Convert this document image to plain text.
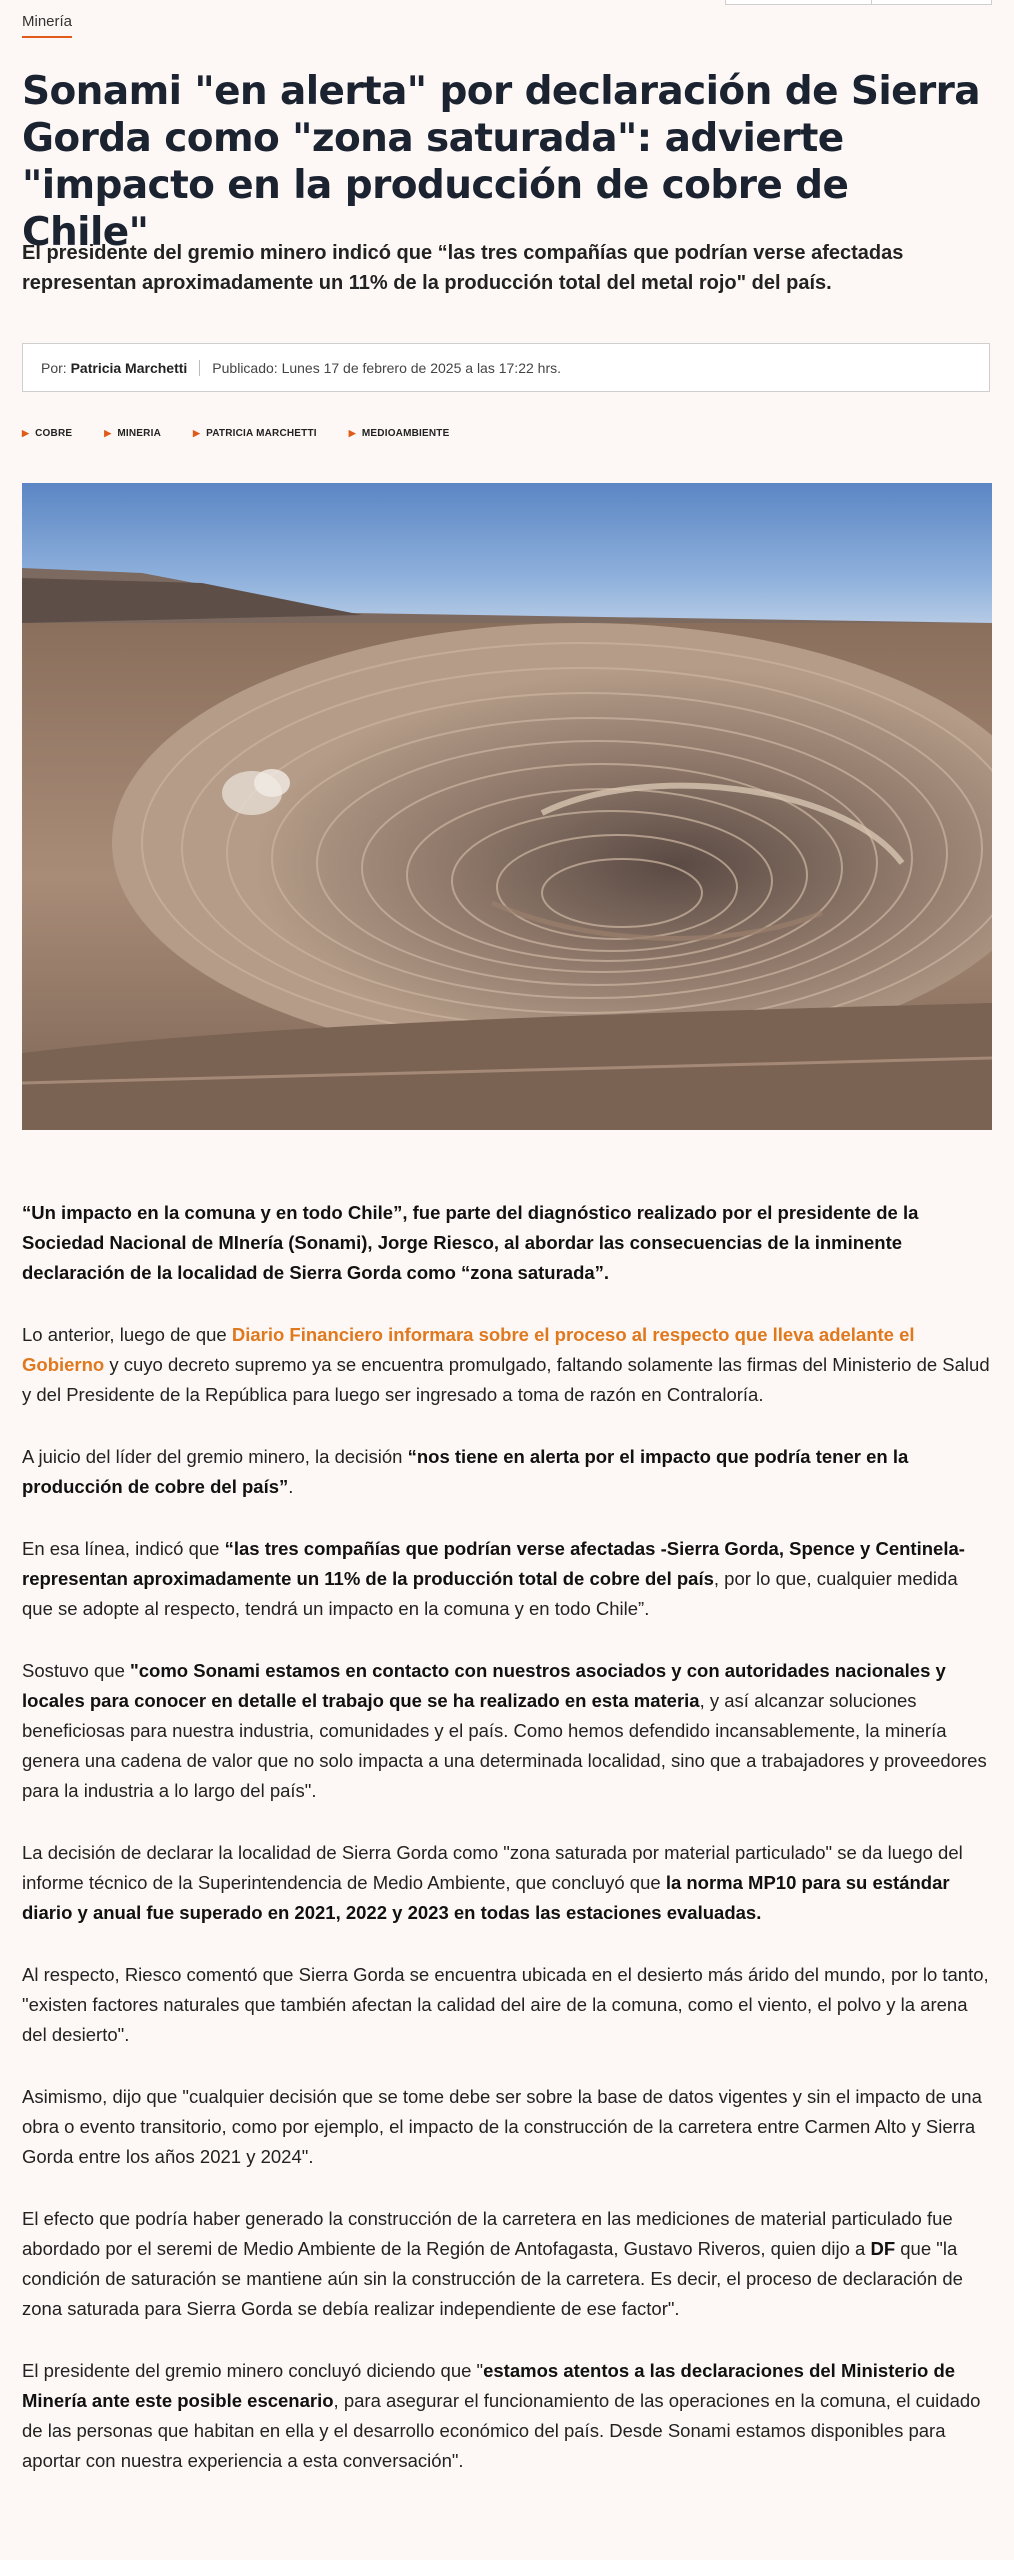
Minería
Sonami "en alerta" por declaración de Sierra Gorda como "zona saturada": advierte "impacto en la producción de cobre de Chile"

El presidente del gremio minero indicó que “las tres compañías que podrían verse afectadas representan aproximadamente un 11% de la producción total del metal rojo" del país.

Por:
Patricia Marchetti Publicado: Lunes 17 de febrero de 2025 a las 17:22 hrs.
▶ COBRE	▶ MINERIA	▶ PATRICIA MARCHETTI	▶ MEDIOAMBIENTE

“Un impacto en la comuna y en todo Chile”, fue parte del diagnóstico realizado por el presidente de la Sociedad Nacional de MInería (Sonami), Jorge Riesco, al abordar las consecuencias de la inminente declaración de la localidad de Sierra Gorda como “zona saturada”.

Lo anterior, luego de que Diario Financiero informara sobre el proceso al respecto que lleva adelante el Gobierno y cuyo decreto supremo ya se encuentra promulgado, faltando solamente las firmas del Ministerio de Salud y del Presidente de la República para luego ser ingresado a toma de razón en Contraloría.

A juicio del líder del gremio minero, la decisión “nos tiene en alerta por el impacto que podría tener en la producción de cobre del país”.

En esa línea, indicó que “las tres compañías que podrían verse afectadas -Sierra Gorda, Spence y Centinela- representan aproximadamente un 11% de la producción total de cobre del país, por lo que, cualquier medida que se adopte al respecto, tendrá un impacto en la comuna y en todo Chile”.

Sostuvo que "como Sonami estamos en contacto con nuestros asociados y con autoridades nacionales y locales para conocer en detalle el trabajo que se ha realizado en esta materia, y así alcanzar soluciones beneficiosas para nuestra industria, comunidades y el país. Como hemos defendido incansablemente, la minería genera una cadena de valor que no solo impacta a una determinada localidad, sino que a trabajadores y proveedores para la industria a lo largo del país".

La decisión de declarar la localidad de Sierra Gorda como "zona saturada por material particulado" se da luego del informe técnico de la Superintendencia de Medio Ambiente, que concluyó que la norma MP10 para su estándar diario y anual fue superado en 2021, 2022 y 2023 en todas las estaciones evaluadas.

Al respecto, Riesco comentó que Sierra Gorda se encuentra ubicada en el desierto más árido del mundo, por lo tanto, "existen factores naturales que también afectan la calidad del aire de la comuna, como el viento, el polvo y la arena del desierto".

Asimismo, dijo que "cualquier decisión que se tome debe ser sobre la base de datos vigentes y sin el impacto de una obra o evento transitorio, como por ejemplo, el impacto de la construcción de la carretera entre Carmen Alto y Sierra Gorda entre los años 2021 y 2024".

El efecto que podría haber generado la construcción de la carretera en las mediciones de material particulado fue abordado por el seremi de Medio Ambiente de la Región de Antofagasta, Gustavo Riveros, quien dijo a DF que "la condición de saturación se mantiene aún sin la construcción de la carretera. Es decir, el proceso de declaración de zona saturada para Sierra Gorda se debía realizar independiente de ese factor".

El presidente del gremio minero concluyó diciendo que "estamos atentos a las declaraciones del Ministerio de Minería ante este posible escenario, para asegurar el funcionamiento de las operaciones en la comuna, el cuidado de las personas que habitan en ella y el desarrollo económico del país. Desde Sonami estamos disponibles para aportar con nuestra experiencia a esta conversación".
